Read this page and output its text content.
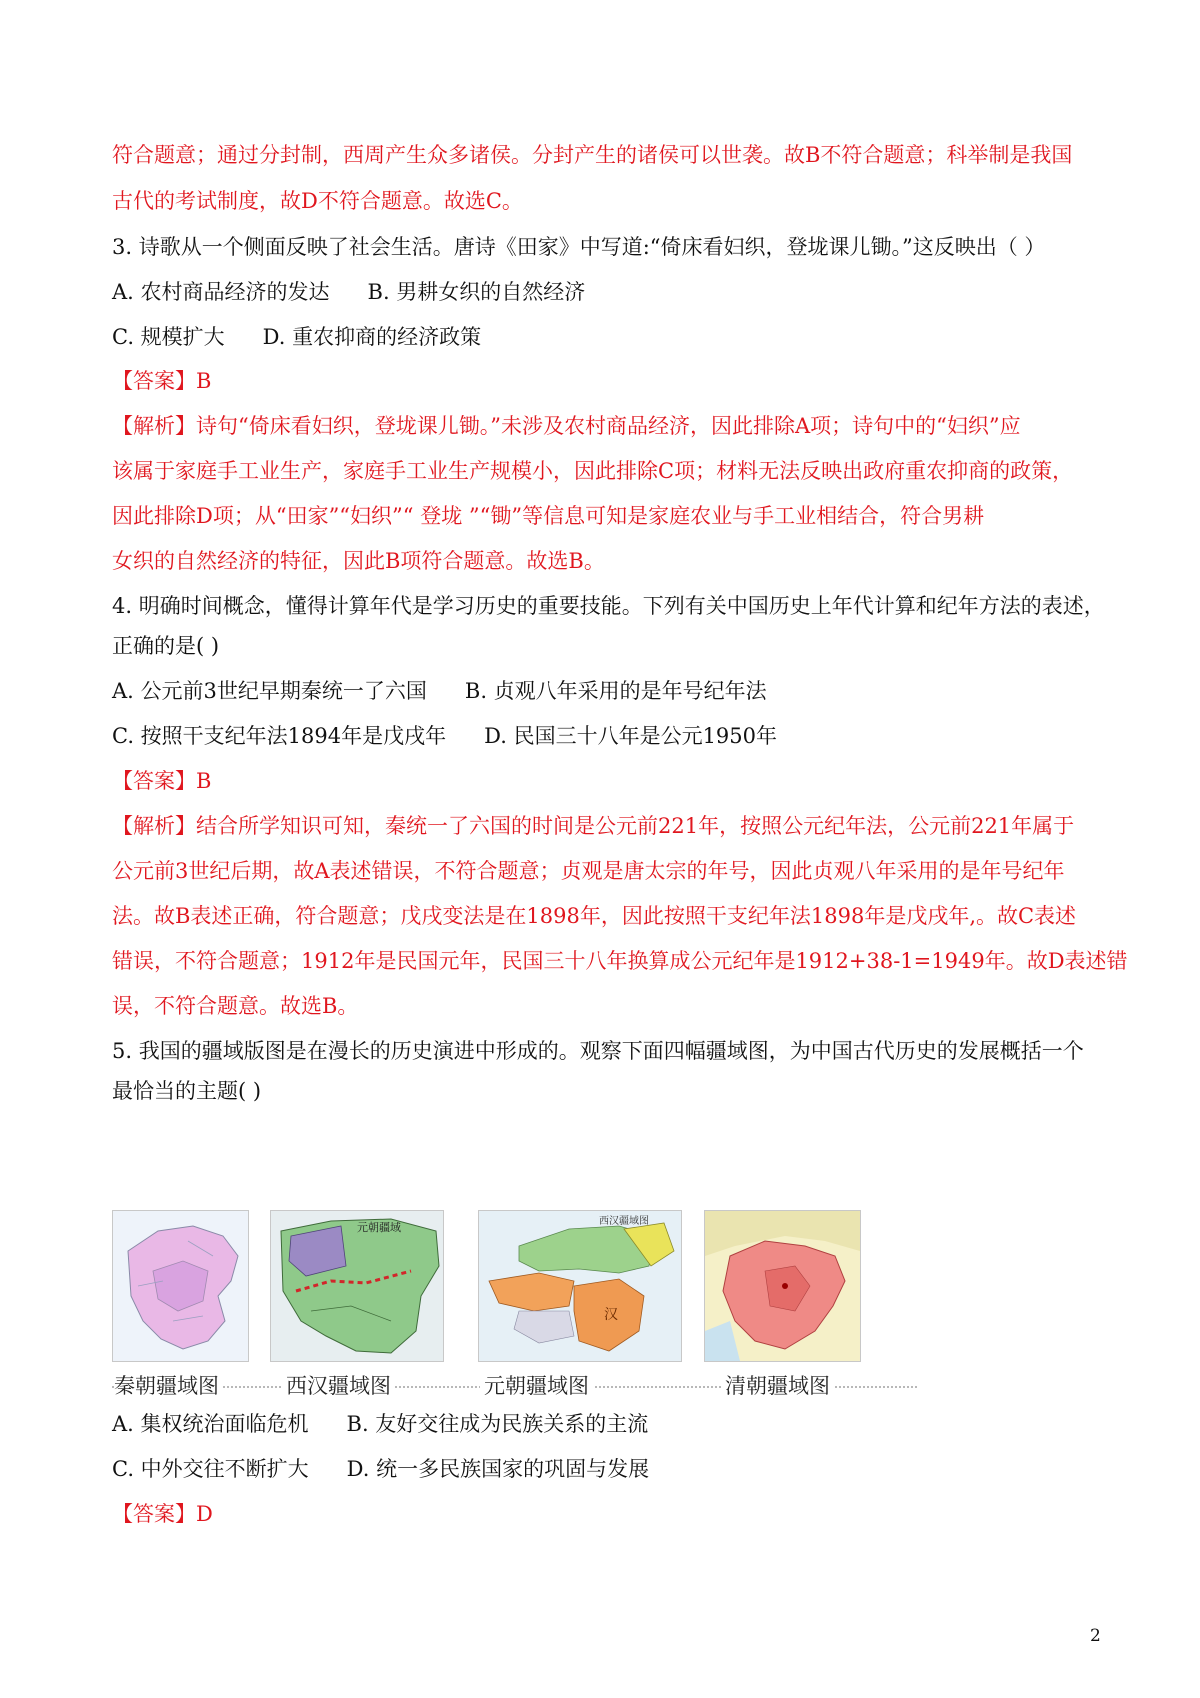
符合题意；通过分封制，西周产生众多诸侯。分封产生的诸侯可以世袭。故B不符合题意；科举制是我国
古代的考试制度，故D不符合题意。故选C。
3. 诗歌从一个侧面反映了社会生活。唐诗《田家》中写道:“倚床看妇织，登垅课儿锄。”这反映出（ ）
A. 农村商品经济的发达 B. 男耕女织的自然经济
C. 规模扩大 D. 重农抑商的经济政策
【答案】B
【解析】诗句“倚床看妇织，登垅课儿锄。”未涉及农村商品经济，因此排除A项；诗句中的“妇织”应
该属于家庭手工业生产，家庭手工业生产规模小，因此排除C项；材料无法反映出政府重农抑商的政策，
因此排除D项；从“田家”“妇织”“ 登垅 ”“锄”等信息可知是家庭农业与手工业相结合，符合男耕
女织的自然经济的特征，因此B项符合题意。故选B。
4. 明确时间概念，懂得计算年代是学习历史的重要技能。下列有关中国历史上年代计算和纪年方法的表述，
正确的是( )
A. 公元前3世纪早期秦统一了六国 B. 贞观八年采用的是年号纪年法
C. 按照干支纪年法1894年是戊戌年 D. 民国三十八年是公元1950年
【答案】B
【解析】结合所学知识可知，秦统一了六国的时间是公元前221年，按照公元纪年法，公元前221年属于
公元前3世纪后期，故A表述错误，不符合题意；贞观是唐太宗的年号，因此贞观八年采用的是年号纪年
法。故B表述正确，符合题意；戊戌变法是在1898年，因此按照干支纪年法1898年是戊戌年,。故C表述
错误，不符合题意；1912年是民国元年，民国三十八年换算成公元纪年是1912+38-1=1949年。故D表述错
误，不符合题意。故选B。
5. 我国的疆域版图是在漫长的历史演进中形成的。观察下面四幅疆域图，为中国古代历史的发展概括一个
最恰当的主题( )
元朝疆域	西汉疆域图
汉
秦朝疆域图	西汉疆域图	元朝疆域图	清朝疆域图
A. 集权统治面临危机 B. 友好交往成为民族关系的主流
C. 中外交往不断扩大 D. 统一多民族国家的巩固与发展
【答案】D
2
